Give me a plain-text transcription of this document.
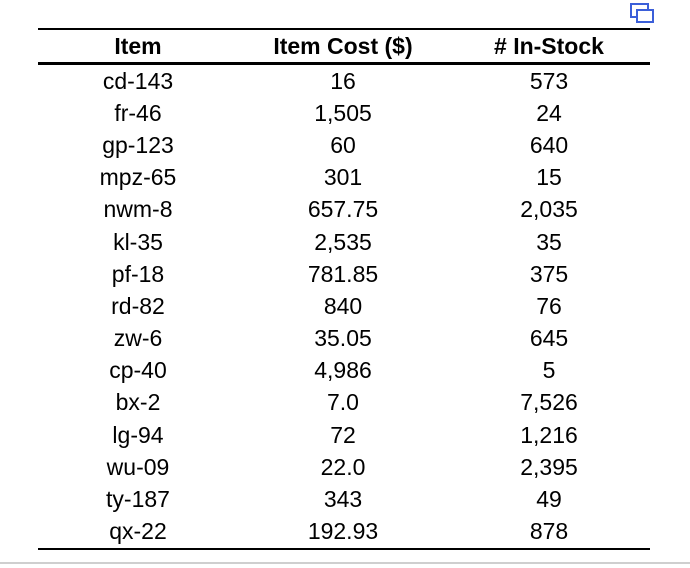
Item	Item Cost ($)	# In-Stock
cd-143	16	573
fr-46	1,505	24
gp-123	60	640
mpz-65	301	15
nwm-8	657.75	2,035
kl-35	2,535	35
pf-18	781.85	375
rd-82	840	76
zw-6	35.05	645
cp-40	4,986	5
bx-2	7.0	7,526
lg-94	72	1,216
wu-09	22.0	2,395
ty-187	343	49
qx-22	192.93	878
